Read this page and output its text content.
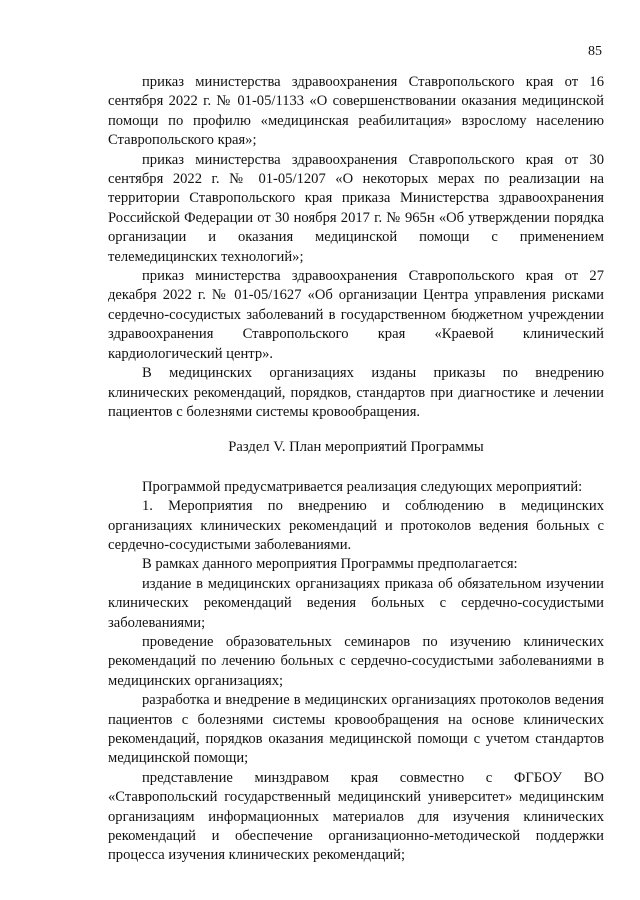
85

приказ министерства здравоохранения Ставропольского края от 16 сентября 2022 г. № 01-05/1133 «О совершенствовании оказания медицинской помощи по профилю «медицинская реабилитация» взрослому населению Ставропольского края»;

приказ министерства здравоохранения Ставропольского края от 30 сентября 2022 г. № 01-05/1207 «О некоторых мерах по реализации на территории Ставропольского края приказа Министерства здравоохранения Российской Федерации от 30 ноября 2017 г. № 965н «Об утверждении порядка организации и оказания медицинской помощи с применением телемедицинских технологий»;

приказ министерства здравоохранения Ставропольского края от 27 декабря 2022 г. № 01-05/1627 «Об организации Центра управления рисками сердечно-сосудистых заболеваний в государственном бюджетном учреждении здравоохранения Ставропольского края «Краевой клинический кардиологический центр».

В медицинских организациях изданы приказы по внедрению клинических рекомендаций, порядков, стандартов при диагностике и лечении пациентов с болезнями системы кровообращения.

Раздел V. План мероприятий Программы

Программой предусматривается реализация следующих мероприятий:

1. Мероприятия по внедрению и соблюдению в медицинских организациях клинических рекомендаций и протоколов ведения больных с сердечно-сосудистыми заболеваниями.

В рамках данного мероприятия Программы предполагается:

издание в медицинских организациях приказа об обязательном изучении клинических рекомендаций ведения больных с сердечно-сосудистыми заболеваниями;

проведение образовательных семинаров по изучению клинических рекомендаций по лечению больных с сердечно-сосудистыми заболеваниями в медицинских организациях;

разработка и внедрение в медицинских организациях протоколов ведения пациентов с болезнями системы кровообращения на основе клинических рекомендаций, порядков оказания медицинской помощи с учетом стандартов медицинской помощи;

представление минздравом края совместно с ФГБОУ ВО «Ставропольский государственный медицинский университет» медицинским организациям информационных материалов для изучения клинических рекомендаций и обеспечение организационно-методической поддержки процесса изучения клинических рекомендаций;
